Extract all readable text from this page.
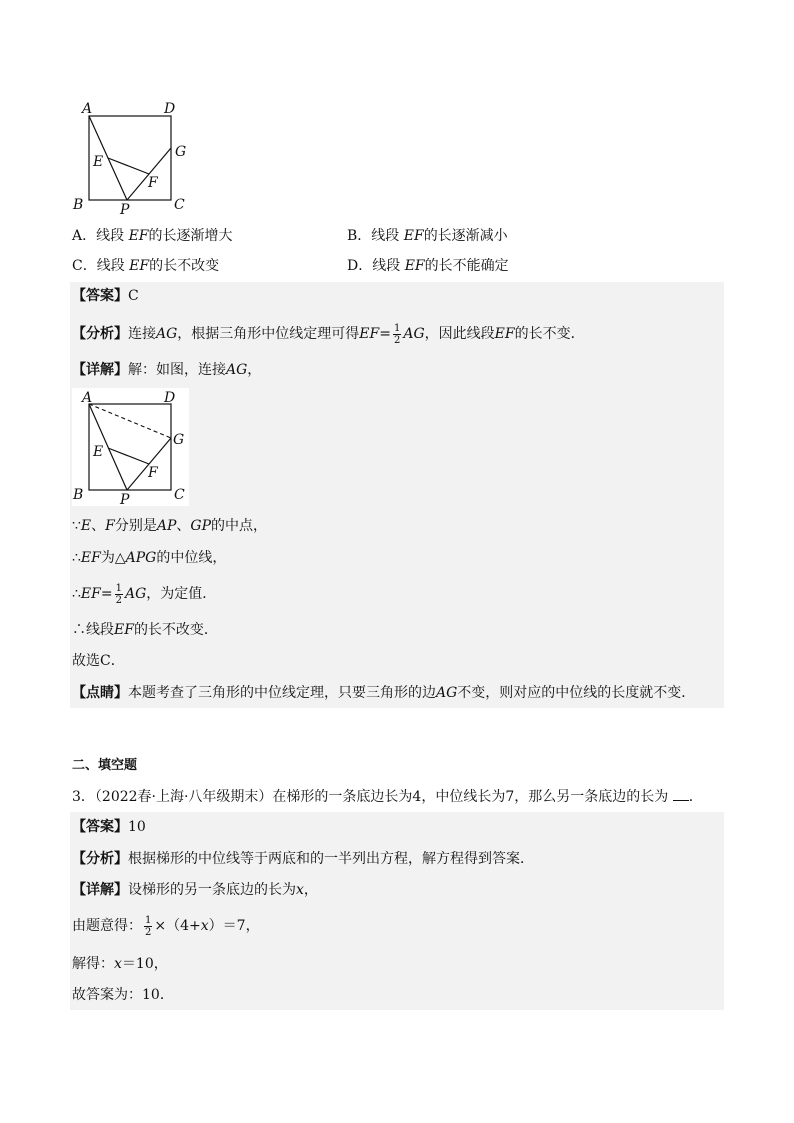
A	D
G
E
F
B	P	C
A．线段 EF的长逐渐增大	B．线段 EF的长逐渐减小
C．线段 EF的长不改变	D．线段 EF的长不能确定
【答案】C
【分析】连接AG，根据三角形中位线定理可得$EF= \frac{1}{2}$ AG，因此线段EF的长不变．
【详解】解：如图，连接AG，
A	D
G
E
F
B	P	C
∵E、F分别是AP、GP的中点，
∴EF为△APG的中位线，
∴EF= $\frac{1}{2}$ AG，为定值．
∴线段EF的长不改变．
故选C．
【点睛】本题考查了三角形的中位线定理，只要三角形的边AG不变，则对应的中位线的长度就不变．
二、填空题
3．（2022春·上海·八年级期末）在梯形的一条底边长为4，中位线长为7，那么另一条底边的长为 ．
【答案】10
【分析】根据梯形的中位线等于两底和的一半列出方程，解方程得到答案．
【详解】设梯形的另一条底边的长为x，
由题意得： $\frac{1}{2} \times(4+x)=7$，
解得：x＝10，
故答案为：10．
